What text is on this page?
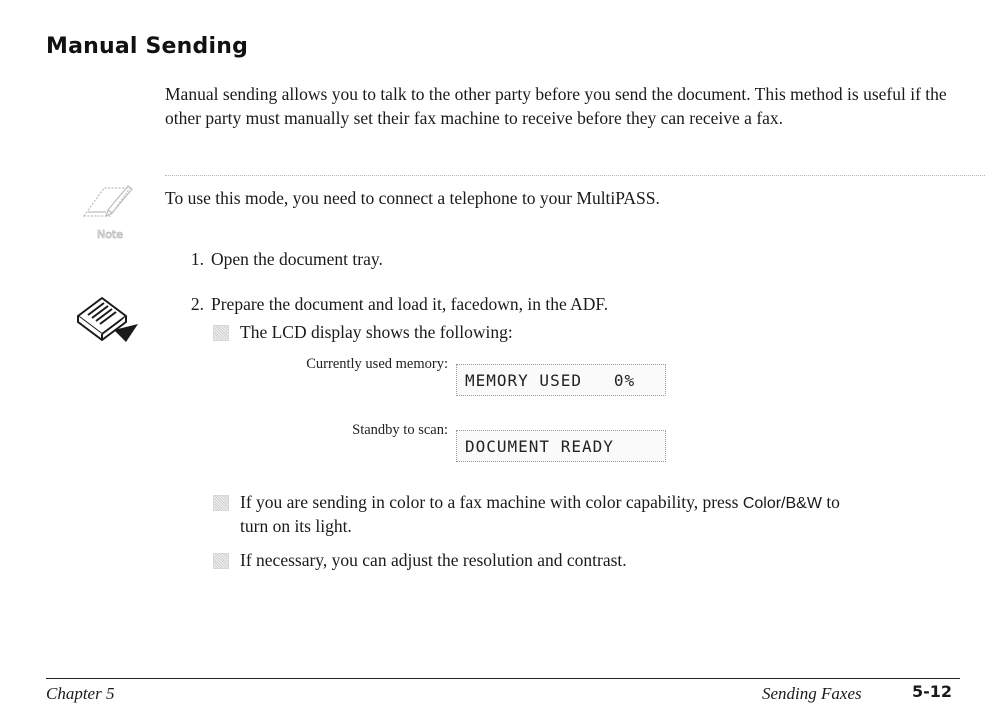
Manual Sending
Manual sending allows you to talk to the other party before you send the document. This method is useful if the other party must manually set their fax machine to receive before they can receive a fax.
Note
To use this mode, you need to connect a telephone to your MultiPASS.
1. Open the document tray.
2. Prepare the document and load it, facedown, in the ADF.
The LCD display shows the following:
Currently used memory:
MEMORY USED   0%
Standby to scan:
DOCUMENT READY
If you are sending in color to a fax machine with color capability, press Color/B&W to
turn on its light.
If necessary, you can adjust the resolution and contrast.
Chapter 5	Sending Faxes	5-12
